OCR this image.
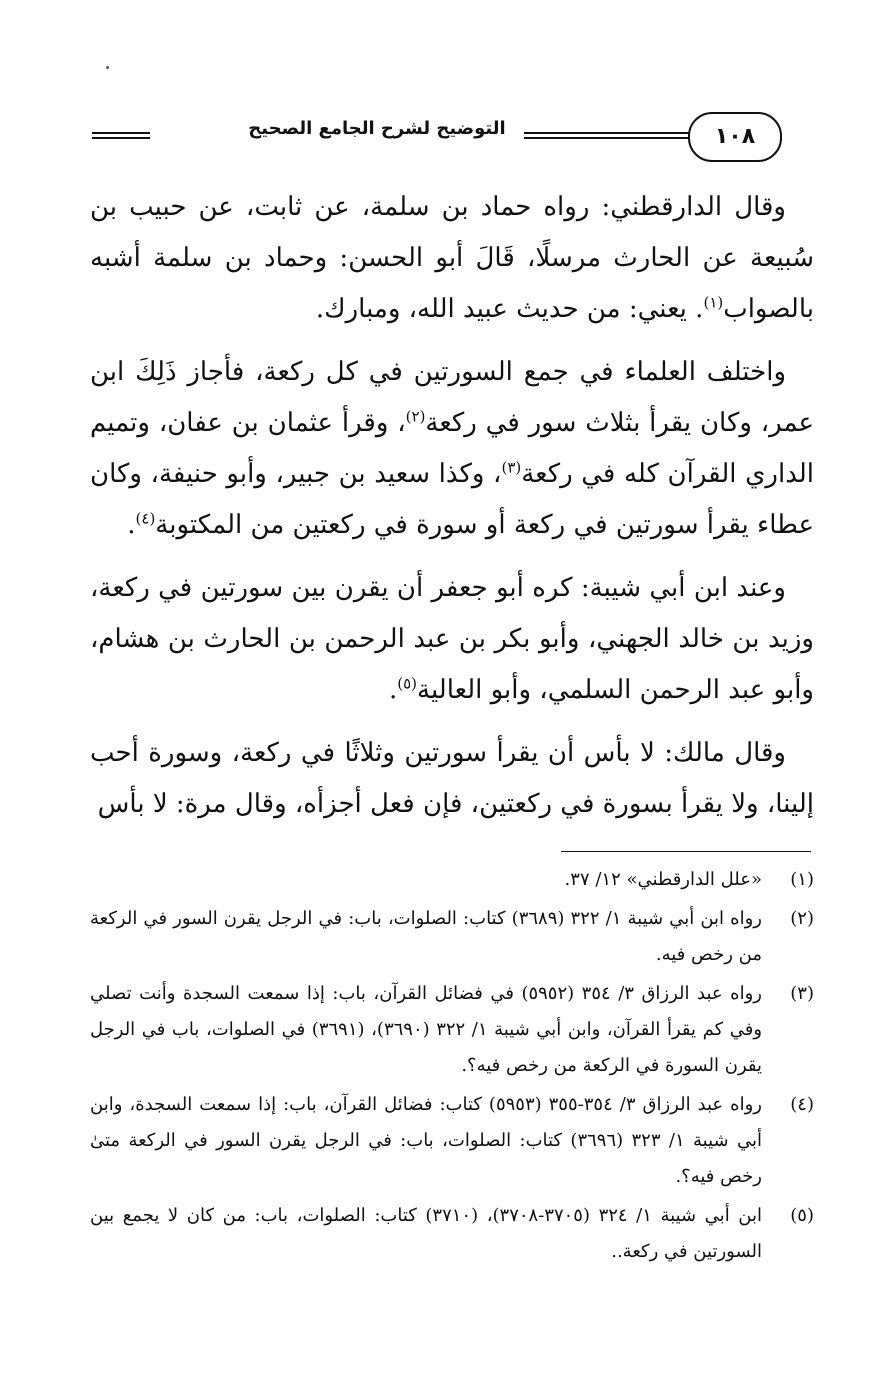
التوضيح لشرح الجامع الصحيح	١٠٨

وقال الدارقطني: رواه حماد بن سلمة، عن ثابت، عن حبيب بن سُبيعة عن الحارث مرسلًا، قَالَ أبو الحسن: وحماد بن سلمة أشبه بالصواب$^{(١)}$. يعني: من حديث عبيد الله، ومبارك.

واختلف العلماء في جمع السورتين في كل ركعة، فأجاز ذَلِكَ ابن عمر، وكان يقرأ بثلاث سور في ركعة$^{(٢)}$، وقرأ عثمان بن عفان، وتميم الداري القرآن كله في ركعة$^{(٣)}$، وكذا سعيد بن جبير، وأبو حنيفة، وكان عطاء يقرأ سورتين في ركعة أو سورة في ركعتين من المكتوبة$^{(٤)}$.

وعند ابن أبي شيبة: كره أبو جعفر أن يقرن بين سورتين في ركعة، وزيد بن خالد الجهني، وأبو بكر بن عبد الرحمن بن الحارث بن هشام، وأبو عبد الرحمن السلمي، وأبو العالية$^{(٥)}$.

وقال مالك: لا بأس أن يقرأ سورتين وثلاثًا في ركعة، وسورة أحب إلينا، ولا يقرأ بسورة في ركعتين، فإن فعل أجزأه، وقال مرة: لا بأس

(١)
«علل الدارقطني» ١٢/ ٣٧.
(٢)
رواه ابن أبي شيبة ١/ ٣٢٢ (٣٦٨٩) كتاب: الصلوات، باب: في الرجل يقرن السور في الركعة من رخص فيه.
(٣)
رواه عبد الرزاق ٣/ ٣٥٤ (٥٩٥٢) في فضائل القرآن، باب: إذا سمعت السجدة وأنت تصلي وفي كم يقرأ القرآن، وابن أبي شيبة ١/ ٣٢٢ (٣٦٩٠)، (٣٦٩١) في الصلوات، باب في الرجل يقرن السورة في الركعة من رخص فيه؟.
(٤)
رواه عبد الرزاق ٣/ ٣٥٤-٣٥٥ (٥٩٥٣) كتاب: فضائل القرآن، باب: إذا سمعت السجدة، وابن أبي شيبة ١/ ٣٢٣ (٣٦٩٦) كتاب: الصلوات، باب: في الرجل يقرن السور في الركعة متىٰ رخص فيه؟.
(٥)
ابن أبي شيبة ١/ ٣٢٤ (٣٧٠٥-٣٧٠٨)، (٣٧١٠) كتاب: الصلوات، باب: من كان لا يجمع بين السورتين في ركعة..
